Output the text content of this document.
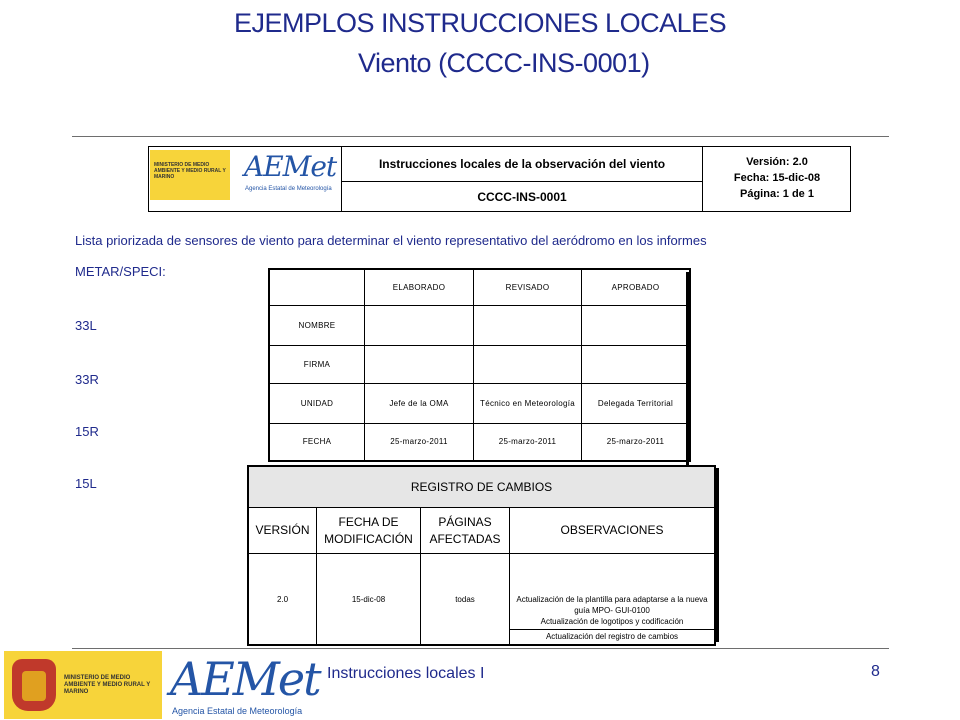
EJEMPLOS INSTRUCCIONES LOCALES
Viento (CCCC-INS-0001)
MINISTERIO DE MEDIO AMBIENTE Y MEDIO RURAL Y MARINO	AEMet
Agencia Estatal de Meteorología
Instrucciones locales de la observación del viento
CCCC-INS-0001
Versión: 2.0
Fecha: 15-dic-08
Página: 1 de 1
Lista priorizada de sensores de viento para determinar el viento representativo del aeródromo en los informes
METAR/SPECI:
33L
33R
15R
15L
	ELABORADO	REVISADO	APROBADO
NOMBRE			
FIRMA			
UNIDAD	Jefe de la OMA	Técnico en Meteorología	Delegada Territorial
FECHA	25-marzo-2011	25-marzo-2011	25-marzo-2011
REGISTRO DE CAMBIOS			
VERSIÓN	FECHA DE MODIFICACIÓN	PÁGINAS AFECTADAS	OBSERVACIONES
2.0	15-dic-08	todas	Actualización de la plantilla para adaptarse a la nueva guía MPO- GUI-0100
Actualización de logotipos y codificación
Actualización del registro de cambios
MINISTERIO DE MEDIO AMBIENTE Y MEDIO RURAL Y MARINO	AEMet
Agencia Estatal de Meteorología
Instrucciones locales I	8
